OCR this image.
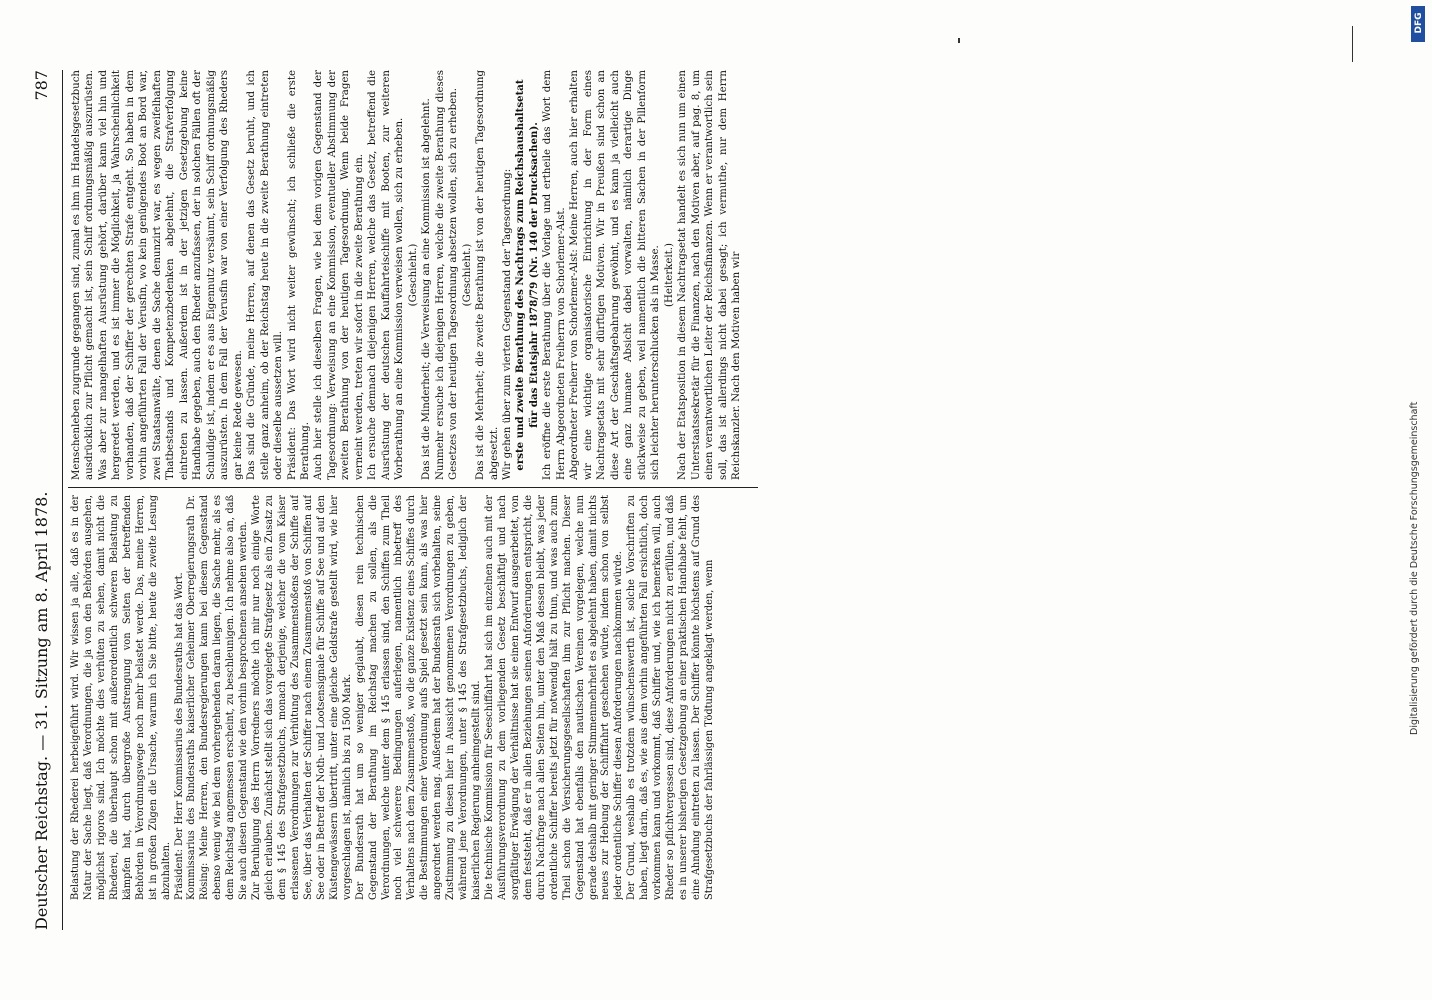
Deutscher Reichstag. — 31. Sitzung am 8. April 1878.
787

Belastung der Rhederei herbeigeführt wird. Wir wissen ja alle, daß es in der Natur der Sache liegt, daß Verordnungen, die ja von den Behörden ausgehen, möglichst rigoros sind. Ich möchte dies verhüten zu sehen, damit nicht die Rhederei, die überhaupt schon mit außerordentlich schweren Belastung zu kämpfen hat, durch übergroße Anstrengung von Seiten der betreffenden Behörden in Verordnungswege noch mehr belastet werde. Das, meine Herren, ist in großen Zügen die Ursache, warum ich Sie bitte, heute die zweite Lesung abzuhalten. Präsident: Der Herr Kommissarius des Bundesraths hat das Wort. Kommissarius des Bundesraths kaiserlicher Geheimer Oberregierungsrath Dr. Rösing: Meine Herren, den Bundesregierungen kann bei diesem Gegenstand ebenso wenig wie bei dem vorhergehenden daran liegen, die Sache mehr, als es dem Reichstag angemessen erscheint, zu beschleunigen. Ich nehme also an, daß Sie auch diesen Gegenstand wie den vorhin besprochenen ansehen werden. Zur Beruhigung des Herrn Vorredners möchte ich mir nur noch einige Worte gleich erlauben. Zunächst stellt sich das vorgelegte Strafgesetz als ein Zusatz zu dem § 145 des Strafgesetzbuchs, monach derjenige, welcher die vom Kaiser erlassenen Verordnungen zur Verhütung des Zusammenstoßens der Schiffe auf See, über das Verhalten der Schiffer nach einem Zusammenstoß von Schiffen auf See oder in Betreff der Noth- und Lootsensignale für Schiffe auf See und auf den Küstengewässern übertritt, unter eine gleiche Geldstrafe gestellt wird, wie hier vorgeschlagen ist, nämlich bis zu 1500 Mark. Der Bundesrath hat um so weniger geglaubt, diesen rein technischen Gegenstand der Berathung im Reichstag machen zu sollen, als die Verordnungen, welche unter dem § 145 erlassen sind, den Schiffen zum Theil noch viel schwerere Bedingungen auferlegen, namentlich inbetreff des Verhaltens nach dem Zusammenstoß, wo die ganze Existenz eines Schiffes durch die Bestimmungen einer Verordnung aufs Spiel gesetzt sein kann, als was hier angeordnet werden mag. Außerdem hat der Bundesrath sich vorbehalten, seine Zustimmung zu diesen hier in Aussicht genommenen Verordnungen zu geben, während jene Verordnungen, unter § 145 des Strafgesetzbuchs, lediglich der kaiserlichen Regierung anheimgestellt sind. Die technische Kommission für Seeschiffahrt hat sich im einzelnen auch mit der Ausführungsverordnung zu dem vorliegenden Gesetz beschäftigt und nach sorgfältiger Erwägung der Verhältnisse hat sie einen Entwurf ausgearbeitet, von dem feststeht, daß er in allen Beziehungen seinen Anforderungen entspricht, die durch Nachfrage nach allen Seiten hin, unter den Maß dessen bleibt, was jeder ordentliche Schiffer bereits jetzt für notwendig hält zu thun, und was auch zum Theil schon die Versicherungsgesellschaften ihm zur Pflicht machen. Dieser Gegenstand hat ebenfalls den nautischen Vereinen vorgelegen, welche nun gerade deshalb mit geringer Stimmenmehrheit es abgelehnt haben, damit nichts neues zur Hebung der Schifffahrt geschehen würde, indem schon von selbst jeder ordentliche Schiffer diesen Anforderungen nachkommen würde. Der Grund, weshalb es trotzdem wünschenswerth ist, solche Vorschriften zu haben, liegt darin, daß es, wie aus dem vorhin angeführten Fall ersichtlich, doch vorkommen kann und vorkommt, daß Schiffer und, wie ich bemerken will, auch Rheder so pflichtvergessen sind, diese Anforderungen nicht zu erfüllen, und daß es in unserer bisherigen Gesetzgebung an einer praktischen Handhabe fehlt, um eine Ahndung eintreten zu lassen. Der Schiffer könnte höchstens auf Grund des Strafgesetzbuchs der fahrlässigen Tödtung angeklagt werden, wenn

Menschenleben zugrunde gegangen sind, zumal es ihm im Handelsgesetzbuch ausdrücklich zur Pflicht gemacht ist, sein Schiff ordnungsmäßig auszurüsten. Was aber zur mangelhaften Ausrüstung gehört, darüber kann viel hin und hergeredet werden, und es ist immer die Möglichkeit, ja Wahrscheinlichkeit vorhanden, daß der Schiffer der gerechten Strafe entgeht. So haben in dem vorhin angeführten Fall der Verusfin, wo kein genügendes Boot an Bord war, zwei Staatsanwälte, denen die Sache denunzirt war, es wegen zweifelhaften Thatbestands und Kompetenzbedenken abgelehnt, die Strafverfolgung eintreten zu lassen. Außerdem ist in der jetzigen Gesetzgebung keine Handhabe gegeben, auch den Rheder anzufassen, der in solchen Fällen oft der Schuldige ist, indem er es aus Eigennutz versäumt, sein Schiff ordnungsmäßig auszurüsten. In dem Fall der Verusfin war von einer Verfolgung des Rheders gar keine Rede gewesen. Das sind die Gründe, meine Herren, auf denen das Gesetz beruht, und ich stelle ganz anheim, ob der Reichstag heute in die zweite Berathung eintreten oder dieselbe aussetzen will. Präsident: Das Wort wird nicht weiter gewünscht; ich schließe die erste Berathung. Auch hier stelle ich dieselben Fragen, wie bei dem vorigen Gegenstand der Tagesordnung: Verweisung an eine Kommission, eventueller Abstimmung der zweiten Berathung von der heutigen Tagesordnung. Wenn beide Fragen verneint werden, treten wir sofort in die zweite Berathung ein. Ich ersuche demnach diejenigen Herren, welche das Gesetz, betreffend die Ausrüstung der deutschen Kauffahrteischiffe mit Booten, zur weiteren Vorberathung an eine Kommission verweisen wollen, sich zu erheben. (Geschieht.) Das ist die Minderheit; die Verweisung an eine Kommission ist abgelehnt. Nunmehr ersuche ich diejenigen Herren, welche die zweite Berathung dieses Gesetzes von der heutigen Tagesordnung absetzen wollen, sich zu erheben. (Geschieht.) Das ist die Mehrheit; die zweite Berathung ist von der heutigen Tagesordnung abgesetzt. Wir gehen über zum vierten Gegenstand der Tagesordnung: erste und zweite Berathung des Nachtrags zum Reichshaushaltsetat für das Etatsjahr 1878/79 (Nr. 140 der Drucksachen). Ich eröffne die erste Berathung über die Vorlage und ertheile das Wort dem Herrn Abgeordneten Freiherrn von Schorlemer-Alst. Abgeordneter Freiherr von Schorlemer-Alst: Meine Herren, auch hier erhalten wir eine wichtige organisatorische Einrichtung in der Form eines Nachtragsetats mit sehr dürftigen Motiven. Wir in Preußen sind schon an diese Art der Geschäftsgebahrung gewöhnt, und es kann ja vielleicht auch eine ganz humane Absicht dabei vorwalten, nämlich derartige Dinge stückweise zu geben, weil namentlich die bitteren Sachen in der Pillenform sich leichter herunterschlucken als in Masse. (Heiterkeit.) Nach der Etatsposition in diesem Nachtragsetat handelt es sich nun um einen Unterstaatssekretär für die Finanzen, nach den Motiven aber, auf pag. 8, um einen verantwortlichen Leiter der Reichsfinanzen. Wenn er verantwortlich sein soll, das ist allerdings nicht dabei gesagt; ich vermuthe, nur dem Herrn Reichskanzler. Nach den Motiven haben wir

Digitalisierung gefördert durch die Deutsche Forschungsgemeinschaft
DFG
